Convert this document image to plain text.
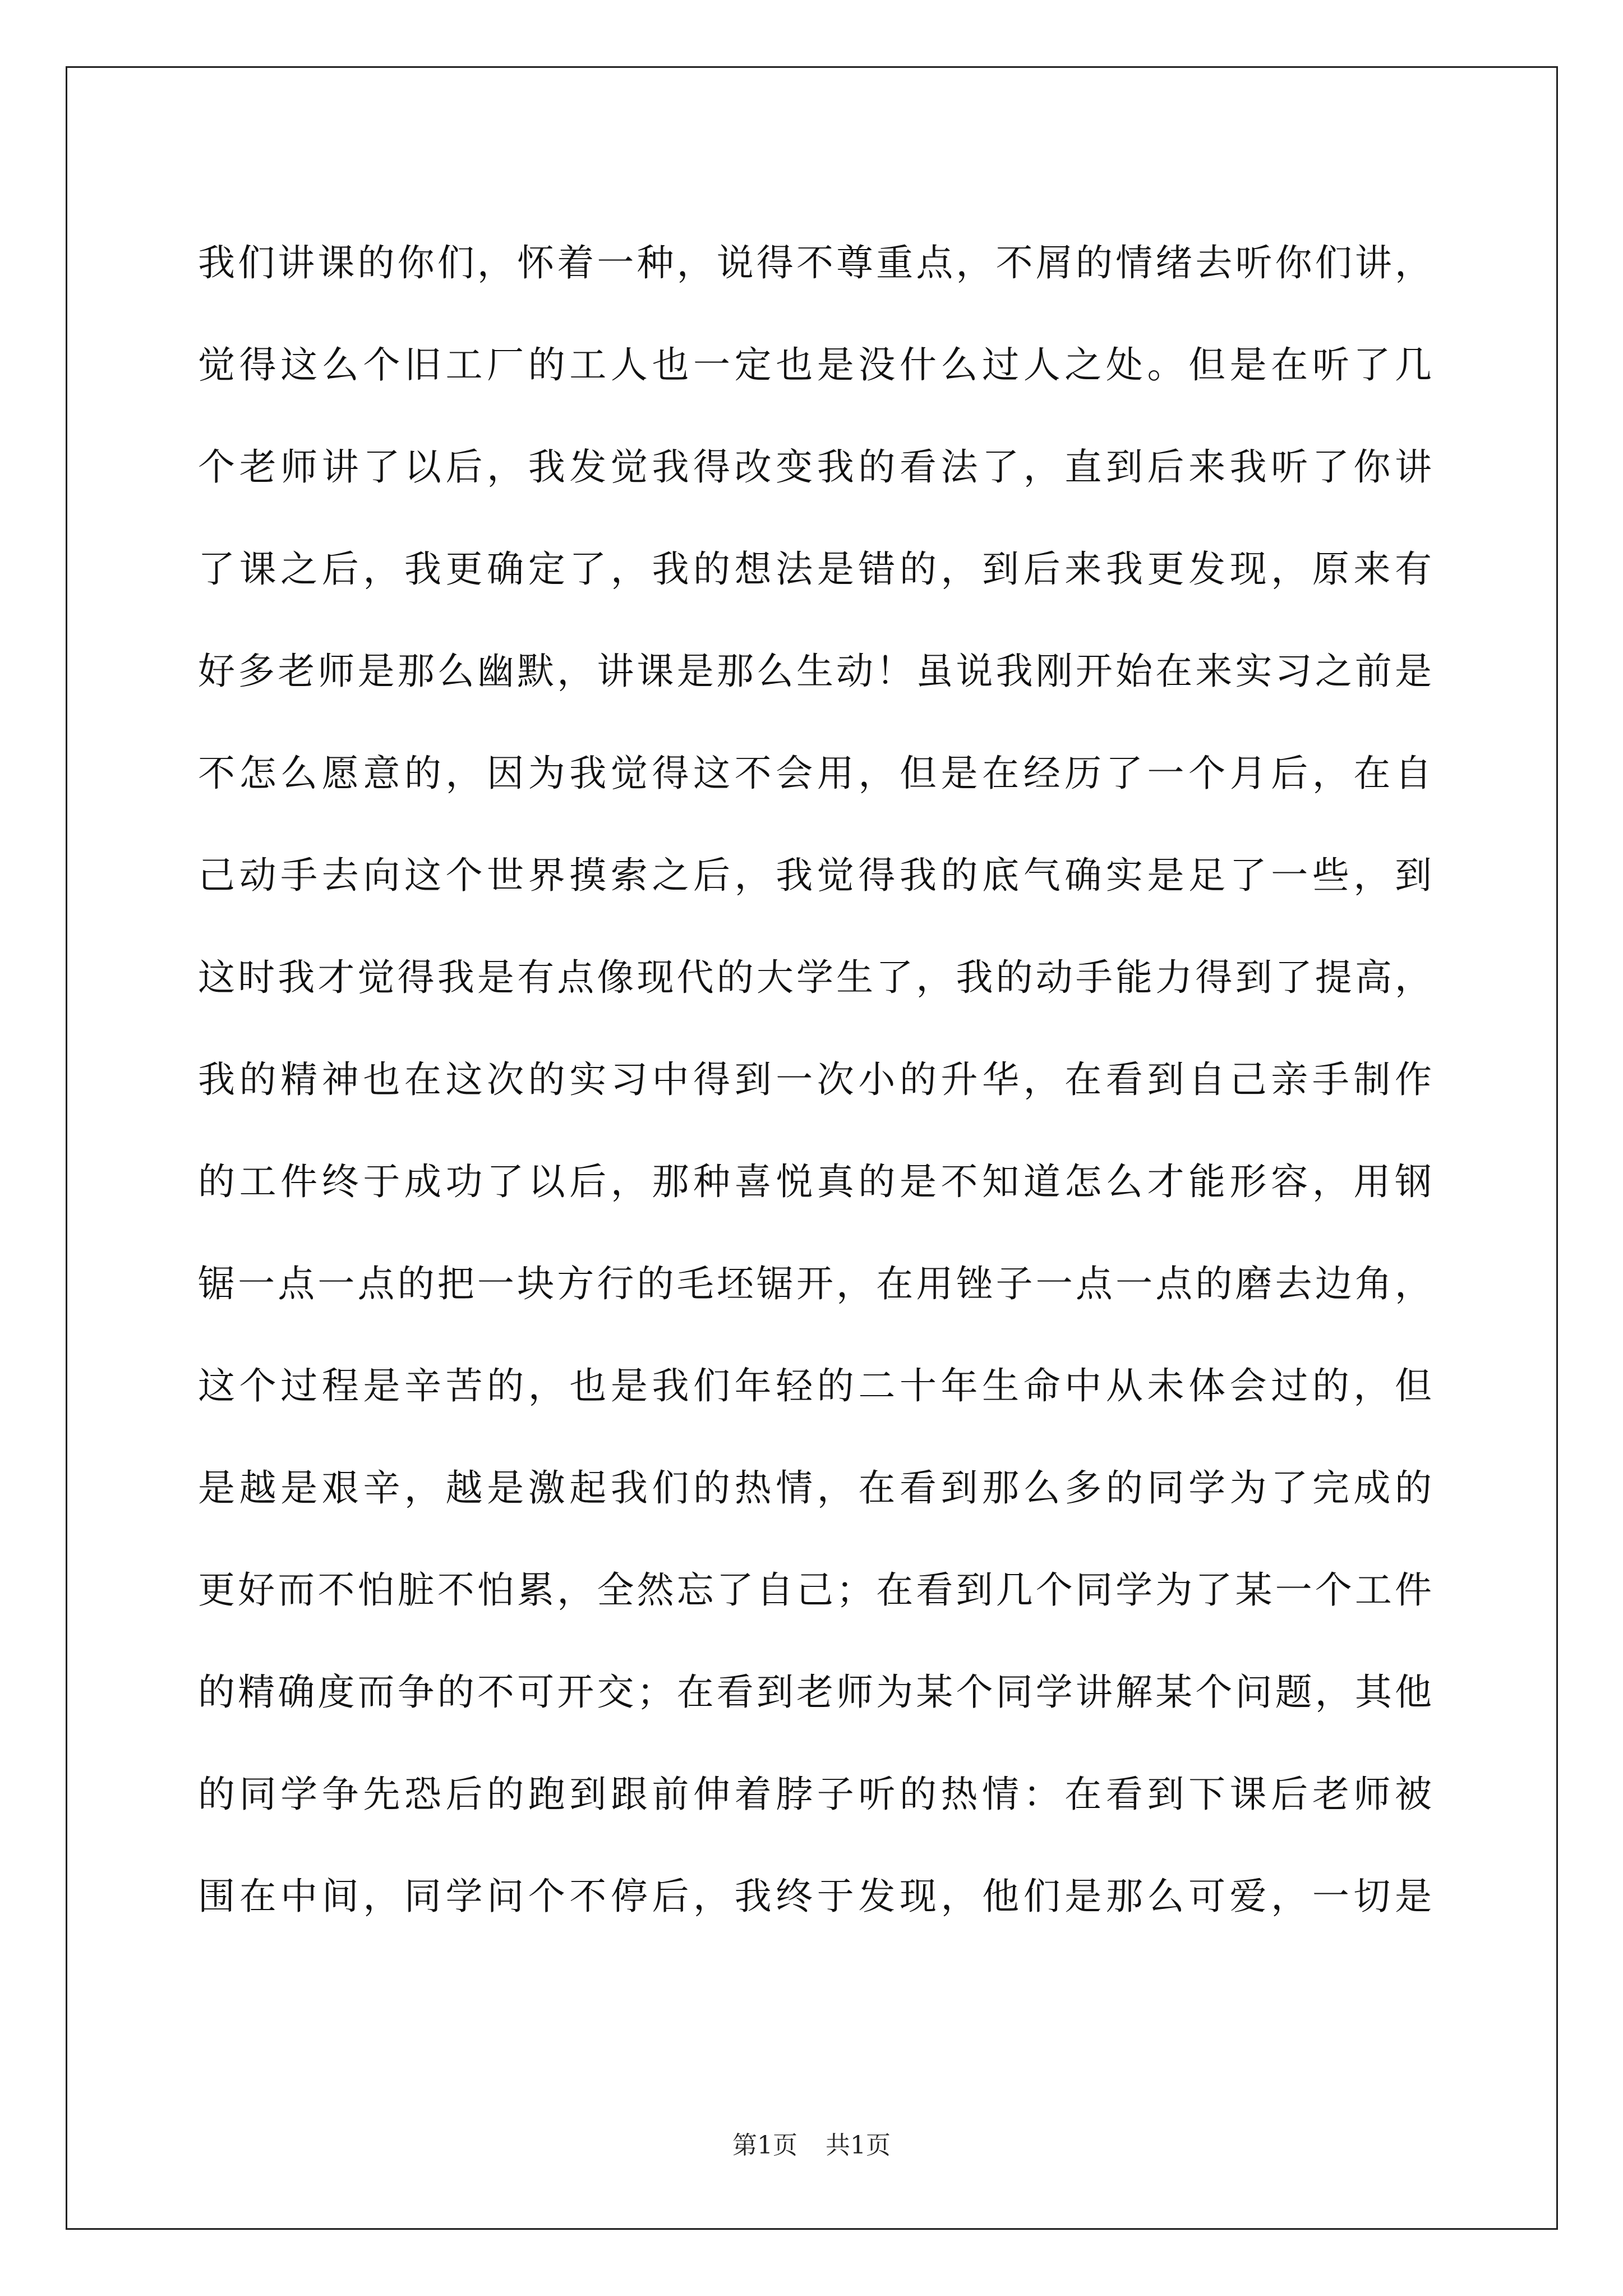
我们讲课的你们，怀着一种，说得不尊重点，不屑的情绪去听你们讲，
觉得这么个旧工厂的工人也一定也是没什么过人之处。但是在听了几
个老师讲了以后，我发觉我得改变我的看法了，直到后来我听了你讲
了课之后，我更确定了，我的想法是错的，到后来我更发现，原来有
好多老师是那么幽默，讲课是那么生动！虽说我刚开始在来实习之前是
不怎么愿意的，因为我觉得这不会用，但是在经历了一个月后，在自
己动手去向这个世界摸索之后，我觉得我的底气确实是足了一些，到
这时我才觉得我是有点像现代的大学生了，我的动手能力得到了提高，
我的精神也在这次的实习中得到一次小的升华，在看到自己亲手制作
的工件终于成功了以后，那种喜悦真的是不知道怎么才能形容，用钢
锯一点一点的把一块方行的毛坯锯开，在用锉子一点一点的磨去边角，
这个过程是辛苦的，也是我们年轻的二十年生命中从未体会过的，但
是越是艰辛，越是激起我们的热情，在看到那么多的同学为了完成的
更好而不怕脏不怕累，全然忘了自己；在看到几个同学为了某一个工件
的精确度而争的不可开交；在看到老师为某个同学讲解某个问题，其他
的同学争先恐后的跑到跟前伸着脖子听的热情：在看到下课后老师被
围在中间，同学问个不停后，我终于发现，他们是那么可爱，一切是
第1页 共1页
